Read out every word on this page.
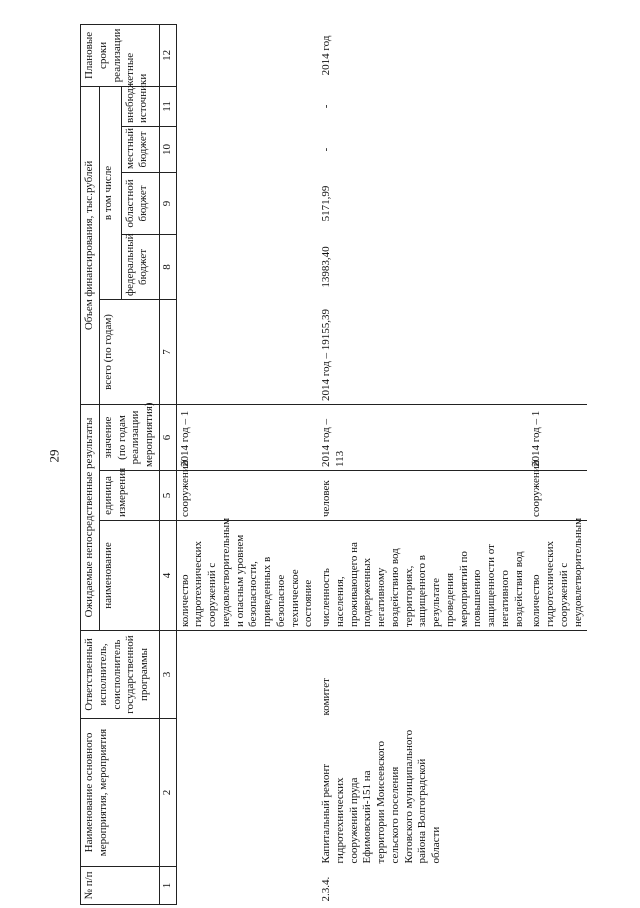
29
№ п/п	Наименование основного мероприятия, мероприятия	Ответственный исполнитель, соисполнитель государственной программы	Ожидаемые непосредственные результаты			Объем финансирования, тыс.рублей					Плановые сроки реализации
			наименование	единица измерения	значение (по годам реализации мероприятия)	всего (по годам)	в том числе				
							федеральный бюджет	областной бюджет	местный бюджет	внебюджетные источники	
1	2	3	4	5	6	7	8	9	10	11	12
			количество гидротехнических сооружений с неудовлетворительным и опасным уровнем безопасности, приведенных в безопасное техническое состояние	сооружений	2014 год – 1						
2.3.4.	Капитальный ремонт гидротехнических сооружений пруда Ефимовский-151 на территории Моисеевского сельского поселения Котовского муниципального района Волгоградской области	комитет	численность населения, проживающего на подверженных негативному воздействию вод территориях, защищенного в результате проведения мероприятий по повышению защищенности от негативного воздействия вод	человек	2014 год – 113	2014 год – 19155,39	13983,40	5171,99	-	-	2014 год
			количество гидротехнических сооружений с неудовлетворительным	сооружений	2014 год – 1						
